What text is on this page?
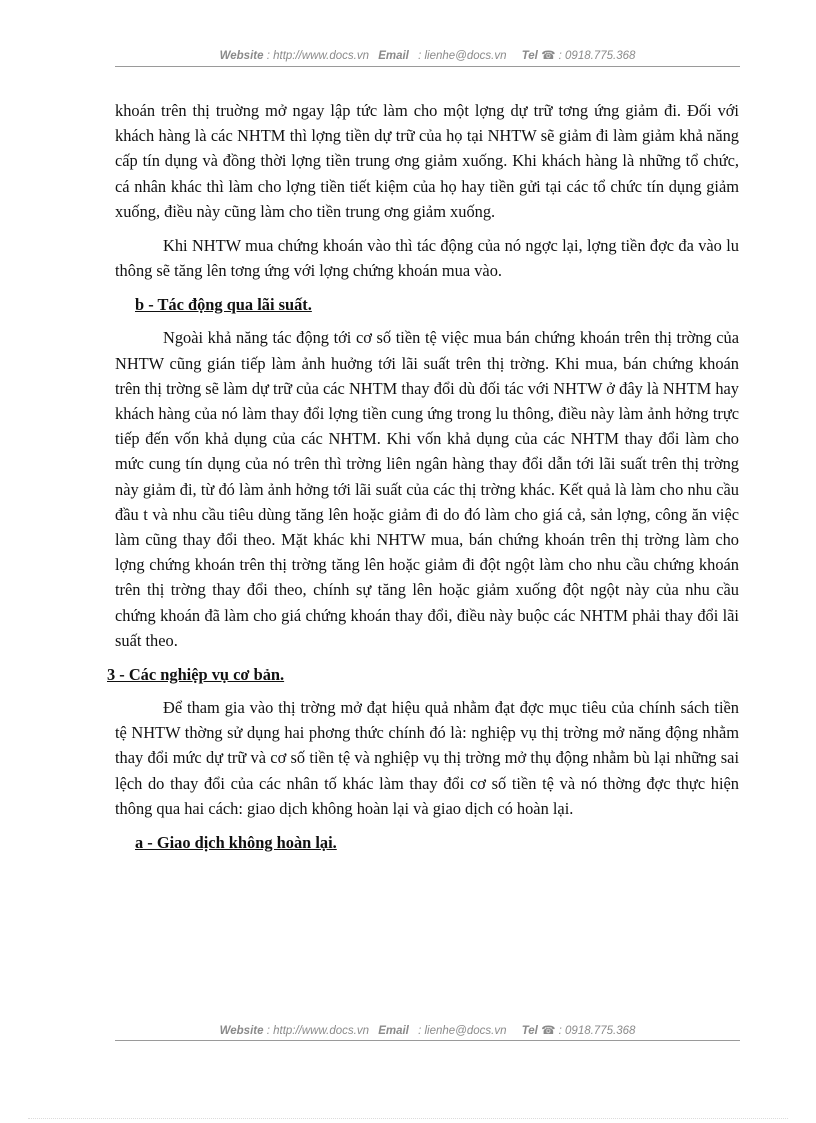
Website : http://www.docs.vn Email : lienhe@docs.vn Tel ☎ : 0918.775.368

khoán trên thị truờng mở ngay lập tức làm cho một lợng dự trữ tơng ứng giảm đi. Đối với khách hàng là các NHTM thì lợng tiền dự trữ của họ tại NHTW sẽ giảm đi làm giảm khả năng cấp tín dụng và đồng thời lợng tiền trung ơng giảm xuống. Khi khách hàng là những tổ chức, cá nhân khác thì làm cho lợng tiền tiết kiệm của họ hay tiền gửi tại các tổ chức tín dụng giảm xuống, điều này cũng làm cho tiền trung ơng giảm xuống.

Khi NHTW mua chứng khoán vào thì tác động của nó ngợc lại, lợng tiền đợc đa vào lu thông sẽ tăng lên tơng ứng với lợng chứng khoán mua vào.

b - Tác động qua lãi suất.

Ngoài khả năng tác động tới cơ số tiền tệ việc mua bán chứng khoán trên thị trờng của NHTW cũng gián tiếp làm ảnh huởng tới lãi suất trên thị trờng. Khi mua, bán chứng khoán trên thị trờng sẽ làm dự trữ của các NHTM thay đổi dù đối tác với NHTW ở đây là NHTM hay khách hàng của nó làm thay đổi lợng tiền cung ứng trong lu thông, điều này làm ảnh hởng trực tiếp đến vốn khả dụng của các NHTM. Khi vốn khả dụng của các NHTM thay đổi làm cho mức cung tín dụng của nó trên thì trờng liên ngân hàng thay đổi dẫn tới lãi suất trên thị trờng này giảm đi, từ đó làm ảnh hởng tới lãi suất của các thị trờng khác. Kết quả là làm cho nhu cầu đầu t và nhu cầu tiêu dùng tăng lên hoặc giảm đi do đó làm cho giá cả, sản lợng, công ăn việc làm cũng thay đổi theo. Mặt khác khi NHTW mua, bán chứng khoán trên thị trờng làm cho lợng chứng khoán trên thị trờng tăng lên hoặc giảm đi đột ngột làm cho nhu cầu chứng khoán trên thị trờng thay đổi theo, chính sự tăng lên hoặc giảm xuống đột ngột này của nhu cầu chứng khoán đã làm cho giá chứng khoán thay đổi, điều này buộc các NHTM phải thay đổi lãi suất theo.

3 - Các nghiệp vụ cơ bản.

Để tham gia vào thị trờng mở đạt hiệu quả nhằm đạt đợc mục tiêu của chính sách tiền tệ NHTW thờng sử dụng hai phơng thức chính đó là: nghiệp vụ thị trờng mở năng động nhằm thay đổi mức dự trữ và cơ số tiền tệ và nghiệp vụ thị trờng mở thụ động nhằm bù lại những sai lệch do thay đổi của các nhân tố khác làm thay đổi cơ số tiền tệ và nó thờng đợc thực hiện thông qua hai cách: giao dịch không hoàn lại và giao dịch có hoàn lại.

a - Giao dịch không hoàn lại.
Website : http://www.docs.vn Email : lienhe@docs.vn Tel ☎ : 0918.775.368
